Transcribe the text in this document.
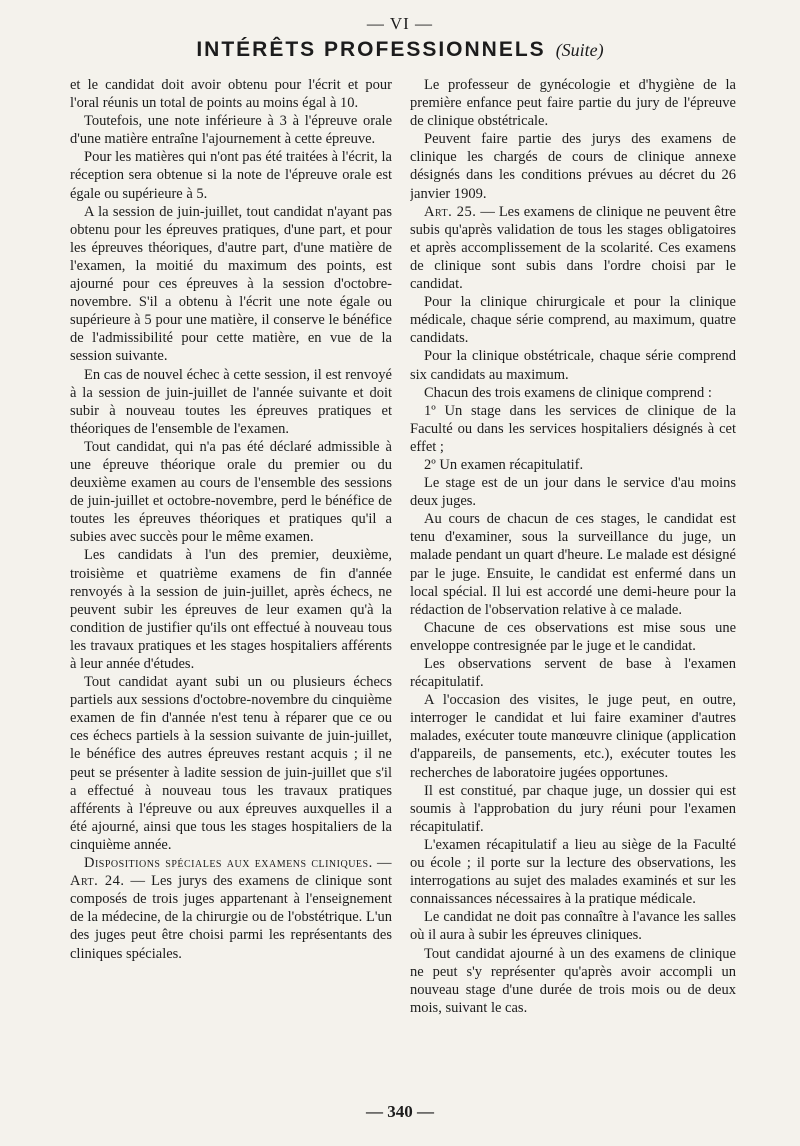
— VI —
INTÉRÊTS PROFESSIONNELS (Suite)

et le candidat doit avoir obtenu pour l'écrit et pour l'oral réunis un total de points au moins égal à 10.

Toutefois, une note inférieure à 3 à l'épreuve orale d'une matière entraîne l'ajournement à cette épreuve.

Pour les matières qui n'ont pas été traitées à l'écrit, la réception sera obtenue si la note de l'épreuve orale est égale ou supérieure à 5.

A la session de juin-juillet, tout candidat n'ayant pas obtenu pour les épreuves pratiques, d'une part, et pour les épreuves théoriques, d'autre part, d'une matière de l'examen, la moitié du maximum des points, est ajourné pour ces épreuves à la session d'octobre-novembre. S'il a obtenu à l'écrit une note égale ou supérieure à 5 pour une matière, il conserve le bénéfice de l'admissibilité pour cette matière, en vue de la session suivante.

En cas de nouvel échec à cette session, il est renvoyé à la session de juin-juillet de l'année suivante et doit subir à nouveau toutes les épreuves pratiques et théoriques de l'ensemble de l'examen.

Tout candidat, qui n'a pas été déclaré admissible à une épreuve théorique orale du premier ou du deuxième examen au cours de l'ensemble des sessions de juin-juillet et octobre-novembre, perd le bénéfice de toutes les épreuves théoriques et pratiques qu'il a subies avec succès pour le même examen.

Les candidats à l'un des premier, deuxième, troisième et quatrième examens de fin d'année renvoyés à la session de juin-juillet, après échecs, ne peuvent subir les épreuves de leur examen qu'à la condition de justifier qu'ils ont effectué à nouveau tous les travaux pratiques et les stages hospitaliers afférents à leur année d'études.

Tout candidat ayant subi un ou plusieurs échecs partiels aux sessions d'octobre-novembre du cinquième examen de fin d'année n'est tenu à réparer que ce ou ces échecs partiels à la session suivante de juin-juillet, le bénéfice des autres épreuves restant acquis ; il ne peut se présenter à ladite session de juin-juillet que s'il a effectué à nouveau tous les travaux pratiques afférents à l'épreuve ou aux épreuves auxquelles il a été ajourné, ainsi que tous les stages hospitaliers de la cinquième année.

Dispositions spéciales aux examens cliniques. — Art. 24. — Les jurys des examens de clinique sont composés de trois juges appartenant à l'enseignement de la médecine, de la chirurgie ou de l'obstétrique. L'un des juges peut être choisi parmi les représentants des cliniques spéciales.

Le professeur de gynécologie et d'hygiène de la première enfance peut faire partie du jury de l'épreuve de clinique obstétricale.

Peuvent faire partie des jurys des examens de clinique les chargés de cours de clinique annexe désignés dans les conditions prévues au décret du 26 janvier 1909.

Art. 25. — Les examens de clinique ne peuvent être subis qu'après validation de tous les stages obligatoires et après accomplissement de la scolarité. Ces examens de clinique sont subis dans l'ordre choisi par le candidat.

Pour la clinique chirurgicale et pour la clinique médicale, chaque série comprend, au maximum, quatre candidats.

Pour la clinique obstétricale, chaque série comprend six candidats au maximum.

Chacun des trois examens de clinique comprend :

1º Un stage dans les services de clinique de la Faculté ou dans les services hospitaliers désignés à cet effet ;

2º Un examen récapitulatif.

Le stage est de un jour dans le service d'au moins deux juges.

Au cours de chacun de ces stages, le candidat est tenu d'examiner, sous la surveillance du juge, un malade pendant un quart d'heure. Le malade est désigné par le juge. Ensuite, le candidat est enfermé dans un local spécial. Il lui est accordé une demi-heure pour la rédaction de l'observation relative à ce malade.

Chacune de ces observations est mise sous une enveloppe contresignée par le juge et le candidat.

Les observations servent de base à l'examen récapitulatif.

A l'occasion des visites, le juge peut, en outre, interroger le candidat et lui faire examiner d'autres malades, exécuter toute manœuvre clinique (application d'appareils, de pansements, etc.), exécuter toutes les recherches de laboratoire jugées opportunes.

Il est constitué, par chaque juge, un dossier qui est soumis à l'approbation du jury réuni pour l'examen récapitulatif.

L'examen récapitulatif a lieu au siège de la Faculté ou école ; il porte sur la lecture des observations, les interrogations au sujet des malades examinés et sur les connaissances nécessaires à la pratique médicale.

Le candidat ne doit pas connaître à l'avance les salles où il aura à subir les épreuves cliniques.

Tout candidat ajourné à un des examens de clinique ne peut s'y représenter qu'après avoir accompli un nouveau stage d'une durée de trois mois ou de deux mois, suivant le cas.

— 340 —
